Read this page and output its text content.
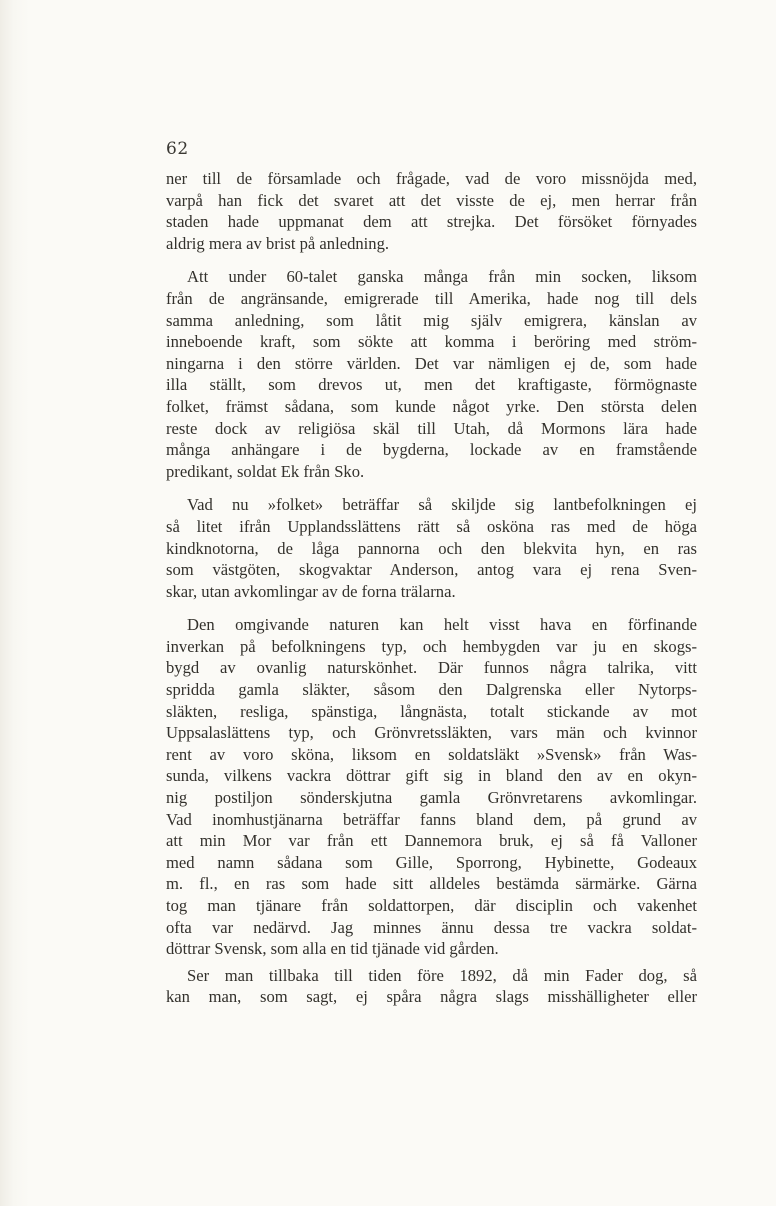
62
ner till de församlade och frågade, vad de voro missnöjda med,
varpå han fick det svaret att det visste de ej, men herrar från
staden hade uppmanat dem att strejka. Det försöket förnyades
aldrig mera av brist på anledning.
Att under 60-talet ganska många från min socken, liksom
från de angränsande, emigrerade till Amerika, hade nog till dels
samma anledning, som låtit mig själv emigrera, känslan av
inneboende kraft, som sökte att komma i beröring med ström-
ningarna i den större världen. Det var nämligen ej de, som hade
illa ställt, som drevos ut, men det kraftigaste, förmögnaste
folket, främst sådana, som kunde något yrke. Den största delen
reste dock av religiösa skäl till Utah, då Mormons lära hade
många anhängare i de bygderna, lockade av en framstående
predikant, soldat Ek från Sko.
Vad nu »folket» beträffar så skiljde sig lantbefolkningen ej
så litet ifrån Upplandsslättens rätt så osköna ras med de höga
kindknotorna, de låga pannorna och den blekvita hyn, en ras
som västgöten, skogvaktar Anderson, antog vara ej rena Sven-
skar, utan avkomlingar av de forna trälarna.
Den omgivande naturen kan helt visst hava en förfinande
inverkan på befolkningens typ, och hembygden var ju en skogs-
bygd av ovanlig naturskönhet. Där funnos några talrika, vitt
spridda gamla släkter, såsom den Dalgrenska eller Nytorps-
släkten, resliga, spänstiga, långnästa, totalt stickande av mot
Uppsalaslättens typ, och Grönvretssläkten, vars män och kvinnor
rent av voro sköna, liksom en soldatsläkt »Svensk» från Was-
sunda, vilkens vackra döttrar gift sig in bland den av en okyn-
nig postiljon sönderskjutna gamla Grönvretarens avkomlingar.
Vad inomhustjänarna beträffar fanns bland dem, på grund av
att min Mor var från ett Dannemora bruk, ej så få Valloner
med namn sådana som Gille, Sporrong, Hybinette, Godeaux
m. fl., en ras som hade sitt alldeles bestämda särmärke. Gärna
tog man tjänare från soldattorpen, där disciplin och vakenhet
ofta var nedärvd. Jag minnes ännu dessa tre vackra soldat-
döttrar Svensk, som alla en tid tjänade vid gården.
Ser man tillbaka till tiden före 1892, då min Fader dog, så
kan man, som sagt, ej spåra några slags misshälligheter eller
